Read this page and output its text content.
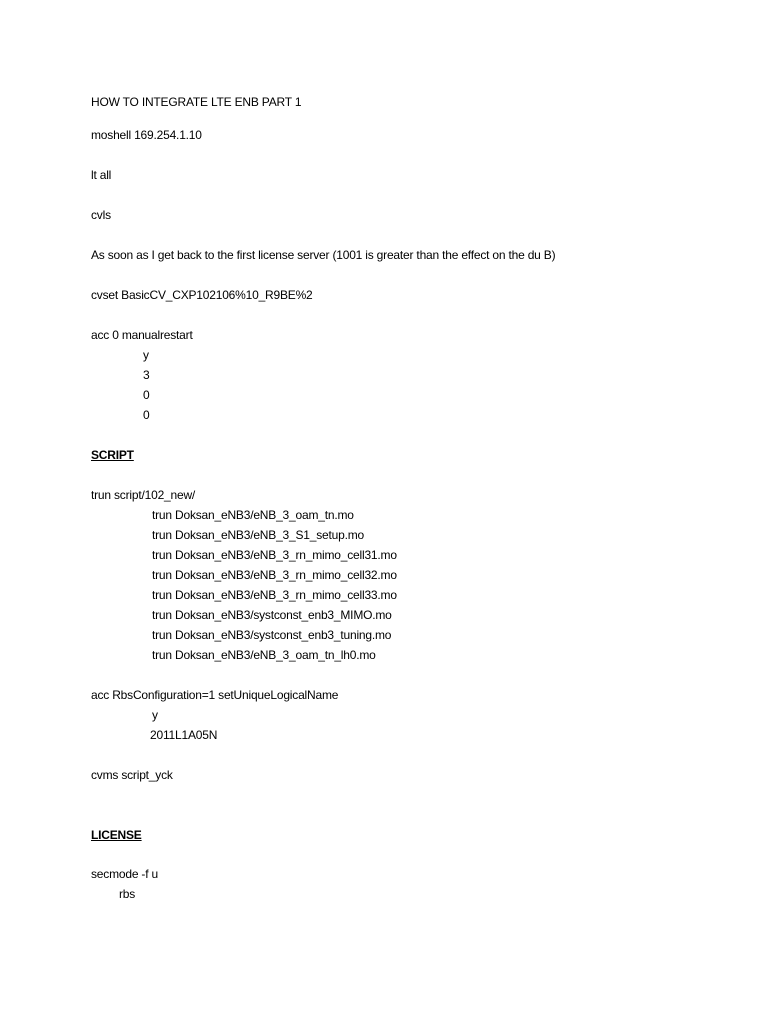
HOW TO INTEGRATE LTE ENB PART 1
moshell 169.254.1.10
lt all
cvls
As soon as I get back to the first license server (1001 is greater than the effect on the du B)
cvset BasicCV_CXP102106%10_R9BE%2
acc 0 manualrestart
y
3
0
0
SCRIPT
trun script/102_new/
trun Doksan_eNB3/eNB_3_oam_tn.mo
trun Doksan_eNB3/eNB_3_S1_setup.mo
trun Doksan_eNB3/eNB_3_rn_mimo_cell31.mo
trun Doksan_eNB3/eNB_3_rn_mimo_cell32.mo
trun Doksan_eNB3/eNB_3_rn_mimo_cell33.mo
trun Doksan_eNB3/systconst_enb3_MIMO.mo
trun Doksan_eNB3/systconst_enb3_tuning.mo
trun Doksan_eNB3/eNB_3_oam_tn_lh0.mo
acc RbsConfiguration=1 setUniqueLogicalName
y
2011L1A05N
cvms script_yck
LICENSE
secmode -f u
rbs
